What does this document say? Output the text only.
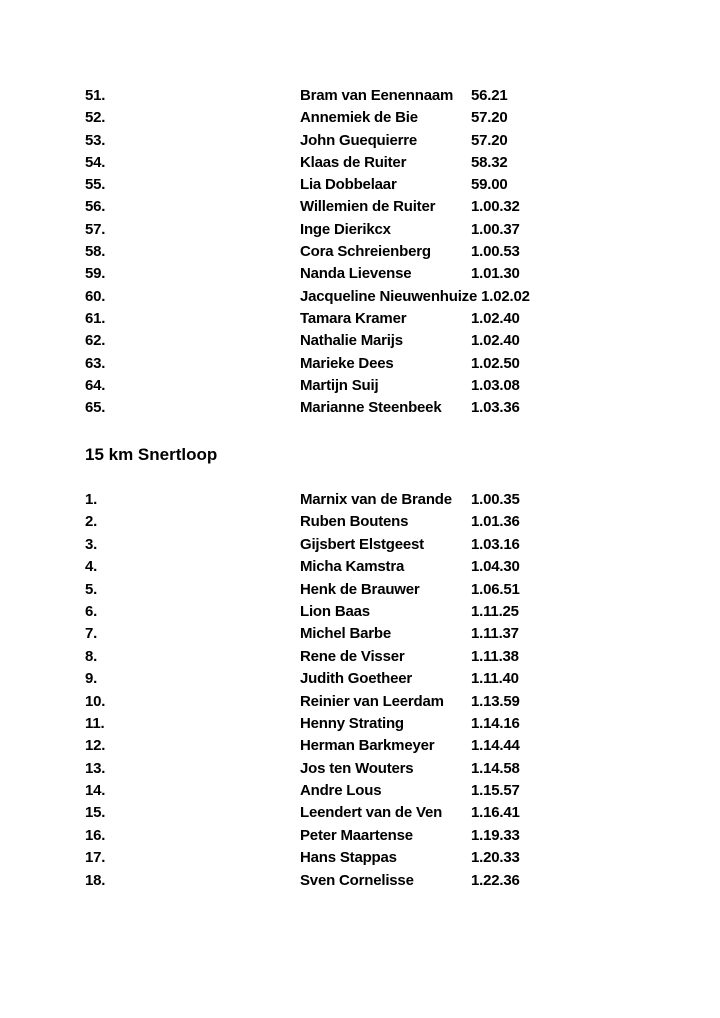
51.	Bram van Eenennaam 56.21
52.	Annemiek de Bie	57.20
53.	John Guequierre	57.20
54.	Klaas de Ruiter	58.32
55.	Lia Dobbelaar	59.00
56.	Willemien de Ruiter 1.00.32
57.	Inge Dierikcx	1.00.37
58.	Cora Schreienberg	1.00.53
59.	Nanda Lievense	1.01.30
60.	Jacqueline Nieuwenhuize 1.02.02
61.	Tamara Kramer	1.02.40
62.	Nathalie Marijs	1.02.40
63.	Marieke Dees	1.02.50
64.	Martijn Suij	1.03.08
65.	Marianne Steenbeek 1.03.36
15 km Snertloop
1.	Marnix van de Brande 1.00.35
2.	Ruben Boutens	1.01.36
3.	Gijsbert Elstgeest	1.03.16
4.	Micha Kamstra	1.04.30
5.	Henk de Brauwer	1.06.51
6.	Lion Baas	1.11.25
7.	Michel Barbe	1.11.37
8.	Rene de Visser	1.11.38
9.	Judith Goetheer	1.11.40
10.	Reinier van Leerdam 1.13.59
11.	Henny Strating	1.14.16
12.	Herman Barkmeyer 1.14.44
13.	Jos ten Wouters	1.14.58
14.	Andre Lous	1.15.57
15.	Leendert van de Ven 1.16.41
16.	Peter Maartense	1.19.33
17.	Hans Stappas	1.20.33
18.	Sven Cornelisse	1.22.36
